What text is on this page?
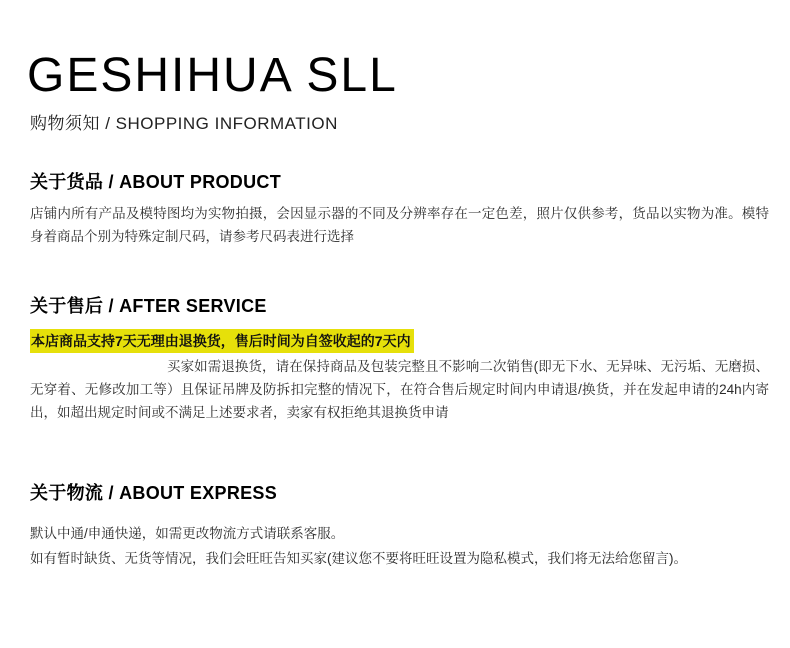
GESHIHUA SLL
购物须知 / SHOPPING INFORMATION
关于货品 / ABOUT PRODUCT

店铺内所有产品及模特图均为实物拍摄，会因显示器的不同及分辨率存在一定色差，照片仅供参考，货品以实物为准。模特身着商品个别为特殊定制尺码，请参考尺码表进行选择

关于售后 / AFTER SERVICE

本店商品支持7天无理由退换货，售后时间为自签收起的7天内

买家如需退换货，请在保持商品及包装完整且不影响二次销售(即无下水、无异味、无污垢、无磨损、无穿着、无修改加工等）且保证吊牌及防拆扣完整的情况下，在符合售后规定时间内申请退/换货，并在发起申请的24h内寄出，如超出规定时间或不满足上述要求者，卖家有权拒绝其退换货申请

关于物流 / ABOUT EXPRESS

默认中通/申通快递，如需更改物流方式请联系客服。

如有暂时缺货、无货等情况，我们会旺旺告知买家(建议您不要将旺旺设置为隐私模式，我们将无法给您留言)。
